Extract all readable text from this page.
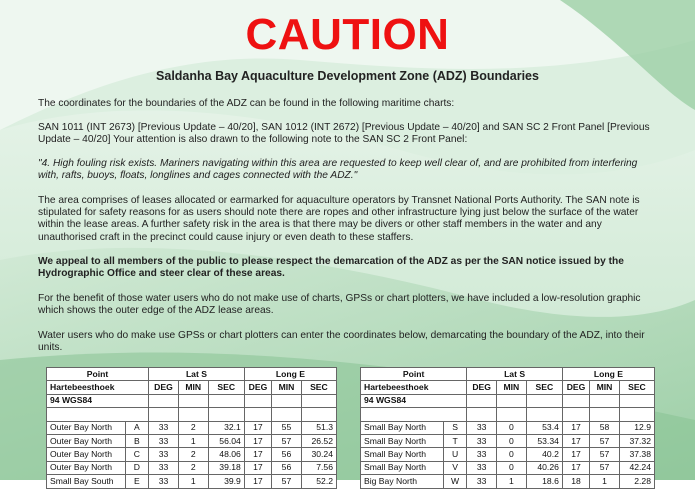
CAUTION
Saldanha Bay Aquaculture Development Zone (ADZ) Boundaries

The coordinates for the boundaries of the ADZ can be found in the following maritime charts:

SAN 1011 (INT 2673) [Previous Update – 40/20], SAN 1012 (INT 2672) [Previous Update – 40/20] and SAN SC 2 Front Panel [Previous Update – 40/20] Your attention is also drawn to the following note to the SAN SC 2 Front Panel:

"4. High fouling risk exists. Mariners navigating within this area are requested to keep well clear of, and are prohibited from interfering with, rafts, buoys, floats, longlines and cages connected with the ADZ."

The area comprises of leases allocated or earmarked for aquaculture operators by Transnet National Ports Authority. The SAN note is stipulated for safety reasons for as users should note there are ropes and other infrastructure lying just below the surface of the water within the lease areas. A further safety risk in the area is that there may be divers or other staff members in the water and any unauthorised craft in the precinct could cause injury or even death to these staffers.

We appeal to all members of the public to please respect the demarcation of the ADZ as per the SAN notice issued by the Hydrographic Office and steer clear of these areas.

For the benefit of those water users who do not make use of charts, GPSs or chart plotters, we have included a low-resolution graphic which shows the outer edge of the ADZ lease areas.

Water users who do make use GPSs or chart plotters can enter the coordinates below, demarcating the boundary of the ADZ, into their units.

Point		Lat S			Long E		
Hartebeesthoek		DEG	MIN	SEC	DEG	MIN	SEC
94 WGS84							

Outer Bay North	A	33	2	32.1	17	55	51.3
Outer Bay North	B	33	1	56.04	17	57	26.52
Outer Bay North	C	33	2	48.06	17	56	30.24
Outer Bay North	D	33	2	39.18	17	56	7.56
Small Bay South	E	33	1	39.9	17	57	52.2
Point		Lat S			Long E		
Hartebeesthoek		DEG	MIN	SEC	DEG	MIN	SEC
94 WGS84							

Small Bay North	S	33	0	53.4	17	58	12.9
Small Bay North	T	33	0	53.34	17	57	37.32
Small Bay North	U	33	0	40.2	17	57	37.38
Small Bay North	V	33	0	40.26	17	57	42.24
Big Bay North	W	33	1	18.6	18	1	2.28
